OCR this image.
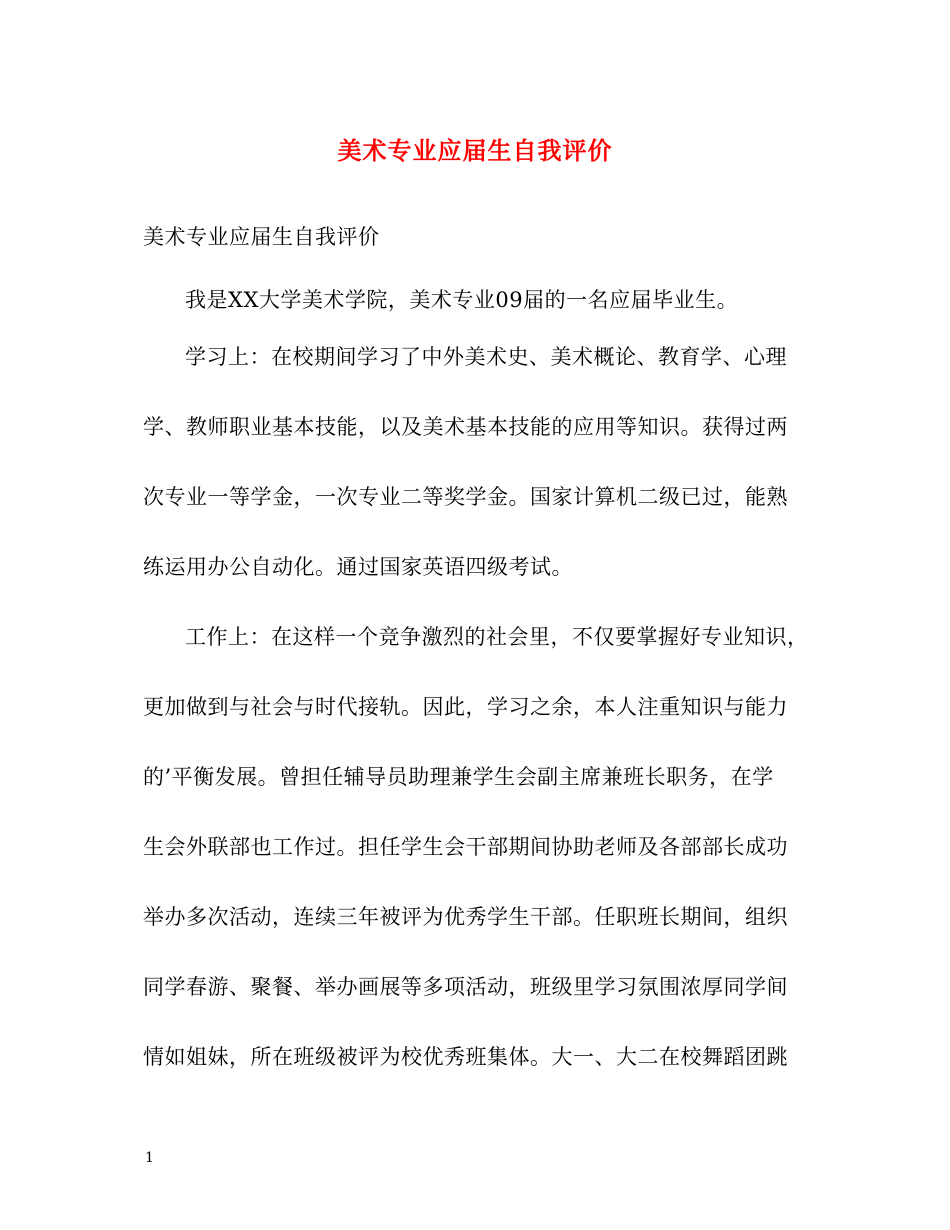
美术专业应届生自我评价
美术专业应届生自我评价
我是XX大学美术学院，美术专业09届的一名应届毕业生。
学习上：在校期间学习了中外美术史、美术概论、教育学、心理
学、教师职业基本技能，以及美术基本技能的应用等知识。获得过两
次专业一等学金，一次专业二等奖学金。国家计算机二级已过，能熟
练运用办公自动化。通过国家英语四级考试。
工作上：在这样一个竞争激烈的社会里，不仅要掌握好专业知识，
更加做到与社会与时代接轨。因此，学习之余，本人注重知识与能力
的’平衡发展。曾担任辅导员助理兼学生会副主席兼班长职务，在学
生会外联部也工作过。担任学生会干部期间协助老师及各部部长成功
举办多次活动，连续三年被评为优秀学生干部。任职班长期间，组织
同学春游、聚餐、举办画展等多项活动，班级里学习氛围浓厚同学间
情如姐妹，所在班级被评为校优秀班集体。大一、大二在校舞蹈团跳
1
